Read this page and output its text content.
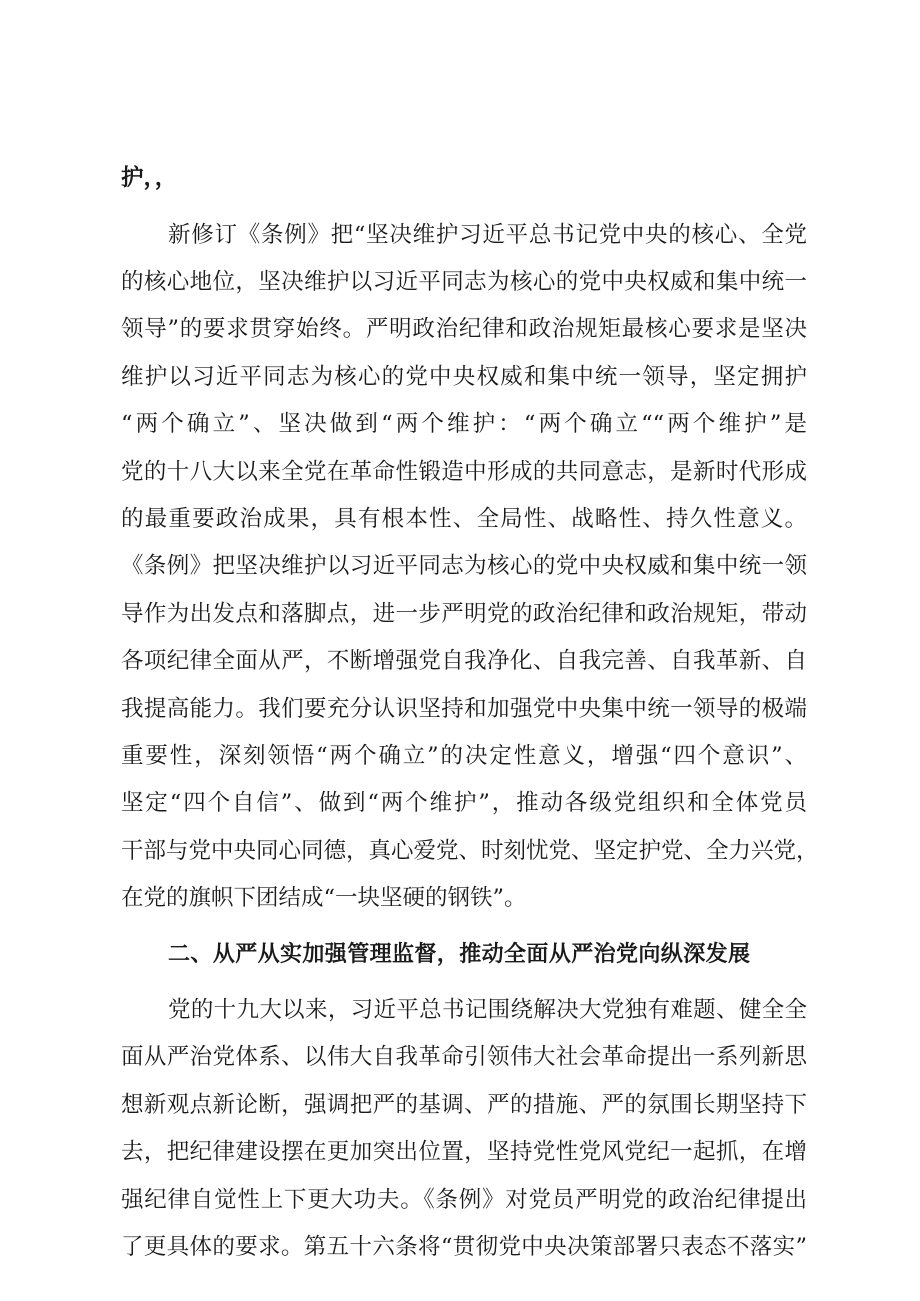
护，，
新修订《条例》把“坚决维护习近平总书记党中央的核心、全党
的核心地位，坚决维护以习近平同志为核心的党中央权威和集中统一
领导”的要求贯穿始终。严明政治纪律和政治规矩最核心要求是坚决
维护以习近平同志为核心的党中央权威和集中统一领导，坚定拥护
“两个确立”、坚决做到“两个维护：“两个确立““两个维护”是
党的十八大以来全党在革命性锻造中形成的共同意志，是新时代形成
的最重要政治成果，具有根本性、全局性、战略性、持久性意义。
《条例》把坚决维护以习近平同志为核心的党中央权威和集中统一领
导作为出发点和落脚点，进一步严明党的政治纪律和政治规矩，带动
各项纪律全面从严，不断增强党自我净化、自我完善、自我革新、自
我提高能力。我们要充分认识坚持和加强党中央集中统一领导的极端
重要性，深刻领悟“两个确立”的决定性意义，增强“四个意识”、
坚定“四个自信”、做到“两个维护”，推动各级党组织和全体党员
干部与党中央同心同德，真心爱党、时刻忧党、坚定护党、全力兴党，
在党的旗帜下团结成“一块坚硬的钢铁”。
二、从严从实加强管理监督，推动全面从严治党向纵深发展
党的十九大以来，习近平总书记围绕解决大党独有难题、健全全
面从严治党体系、以伟大自我革命引领伟大社会革命提出一系列新思
想新观点新论断，强调把严的基调、严的措施、严的氛围长期坚持下
去，把纪律建设摆在更加突出位置，坚持党性党风党纪一起抓，在增
强纪律自觉性上下更大功夫。《条例》对党员严明党的政治纪律提出
了更具体的要求。第五十六条将“贯彻党中央决策部署只表态不落实”
